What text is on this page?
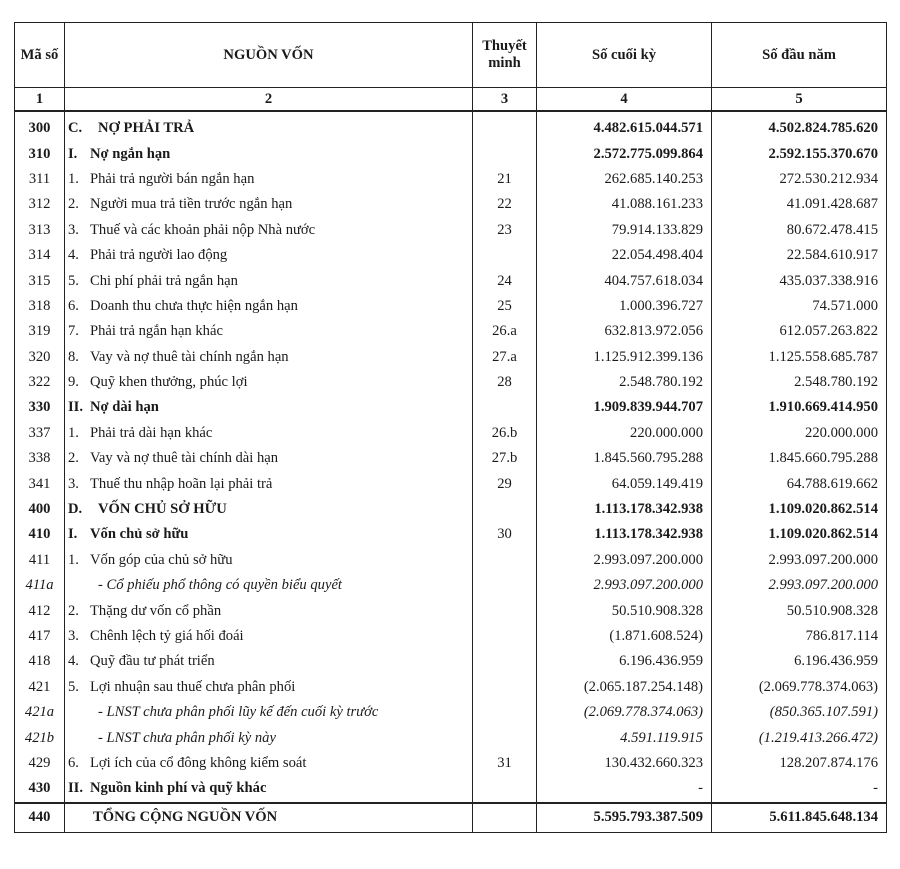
Mã số	NGUỒN VỐN	Thuyết minh	Số cuối kỳ	Số đầu năm
1	2	3	4	5
300	C. NỢ PHẢI TRẢ		4.482.615.044.571	4.502.824.785.620
310	I. Nợ ngắn hạn		2.572.775.099.864	2.592.155.370.670
311	1. Phải trả người bán ngắn hạn	21	262.685.140.253	272.530.212.934
312	2. Người mua trả tiền trước ngắn hạn	22	41.088.161.233	41.091.428.687
313	3. Thuế và các khoản phải nộp Nhà nước	23	79.914.133.829	80.672.478.415
314	4. Phải trả người lao động		22.054.498.404	22.584.610.917
315	5. Chi phí phải trả ngắn hạn	24	404.757.618.034	435.037.338.916
318	6. Doanh thu chưa thực hiện ngắn hạn	25	1.000.396.727	74.571.000
319	7. Phải trả ngắn hạn khác	26.a	632.813.972.056	612.057.263.822
320	8. Vay và nợ thuê tài chính ngắn hạn	27.a	1.125.912.399.136	1.125.558.685.787
322	9. Quỹ khen thưởng, phúc lợi	28	2.548.780.192	2.548.780.192
330	II. Nợ dài hạn		1.909.839.944.707	1.910.669.414.950
337	1. Phải trả dài hạn khác	26.b	220.000.000	220.000.000
338	2. Vay và nợ thuê tài chính dài hạn	27.b	1.845.560.795.288	1.845.660.795.288
341	3. Thuế thu nhập hoãn lại phải trả	29	64.059.149.419	64.788.619.662
400	D. VỐN CHỦ SỞ HỮU		1.113.178.342.938	1.109.020.862.514
410	I. Vốn chủ sở hữu	30	1.113.178.342.938	1.109.020.862.514
411	1. Vốn góp của chủ sở hữu		2.993.097.200.000	2.993.097.200.000
411a	- Cổ phiếu phổ thông có quyền biểu quyết		2.993.097.200.000	2.993.097.200.000
412	2. Thặng dư vốn cổ phần		50.510.908.328	50.510.908.328
417	3. Chênh lệch tỷ giá hối đoái		(1.871.608.524)	786.817.114
418	4. Quỹ đầu tư phát triển		6.196.436.959	6.196.436.959
421	5. Lợi nhuận sau thuế chưa phân phối		(2.065.187.254.148)	(2.069.778.374.063)
421a	- LNST chưa phân phối lũy kế đến cuối kỳ trước		(2.069.778.374.063)	(850.365.107.591)
421b	- LNST chưa phân phối kỳ này		4.591.119.915	(1.219.413.266.472)
429	6. Lợi ích của cổ đông không kiểm soát	31	130.432.660.323	128.207.874.176
430	II. Nguồn kinh phí và quỹ khác		-	-
440	TỔNG CỘNG NGUỒN VỐN		5.595.793.387.509	5.611.845.648.134
